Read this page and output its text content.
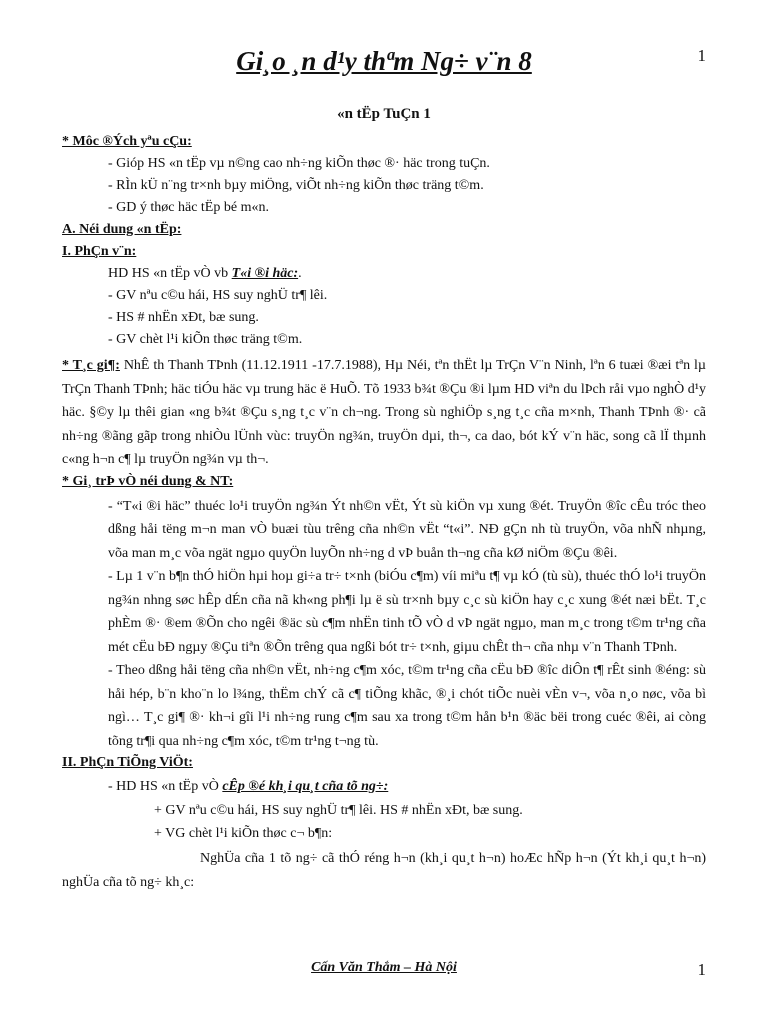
1
Gi¸o ¸n d¹y thªm Ng÷ v¨n 8
«n tËp TuÇn 1
* Môc ®Ých yªu cÇu:
- Gióp HS «n tËp vµ n©ng cao nh÷ng kiÕn thøc ®· häc trong tuÇn.
- RÌn kÜ n¨ng tr×nh bµy miÖng, viÕt nh÷ng kiÕn thøc träng t©m.
- GD ý thøc häc tËp bé m«n.
A. Néi dung «n tËp:
I. PhÇn v¨n:
HD HS «n tËp vÒ vb T«i ®i häc:.
- GV nªu c©u hái, HS suy nghÜ tr¶ lêi.
- HS # nhËn xÐt, bæ sung.
- GV chèt l¹i kiÕn thøc träng t©m.
* T¸c gi¶: NhÊ th Thanh TÞnh (11.12.1911 -17.7.1988), Hµ Néi, tªn thËt lµ TrÇn V¨n Ninh, lªn 6 tuæi ®æi tªn lµ TrÇn Thanh TÞnh; häc tiÓu häc vµ trung häc ë HuÕ. Tõ 1933 b¾t ®Çu ®i lµm HD viªn du lÞch råi vµo nghÒ d¹y häc. §©y lµ thêi gian «ng b¾t ®Çu s¸ng t¸c v¨n ch¬ng. Trong sù nghiÖp s¸ng t¸c cña m×nh, Thanh TÞnh ®· cã nh÷ng ®ãng gãp trong nhiÒu lÜnh vùc: truyÖn ng¾n, truyÖn dµi, th¬, ca dao, bót kÝ v¨n häc, song cã lÏ thµnh c«ng h¬n c¶ lµ truyÖn ng¾n vµ th¬.
* Gi¸ trÞ vÒ néi dung & NT:
- “T«i ®i häc” thuéc lo¹i truyÖn ng¾n Ýt nh©n vËt, Ýt sù kiÖn vµ xung ®ét. TruyÖn ®îc cÊu tróc theo dßng håi tëng m¬n man vÒ buæi tùu trêng cña nh©n vËt “t«i”. NÐ gÇn nh tù truyÖn, võa nhÑ nhµng, võa man m¸c võa ngät ngµo quyÖn luyÕn nh÷ng d vÞ buån th¬ng cña kØ niÖm ®Çu ®êi.
- Lµ 1 v¨n b¶n thÓ hiÖn hµi hoµ gi÷a tr÷ t×nh (biÓu c¶m) víi miªu t¶ vµ kÓ (tù sù), thuéc thÓ lo¹i truyÖn ng¾n nhng søc hÊp dÉn cña nã kh«ng ph¶i lµ ë sù tr×nh bµy c¸c sù kiÖn hay c¸c xung ®ét næi bËt. T¸c phÈm ®· ®em ®Õn cho ngêi ®äc sù c¶m nhËn tinh tÕ vÒ d vÞ ngät ngµo, man m¸c trong t©m tr¹ng cña mét cËu bÐ ngµy ®Çu tiªn ®Õn trêng qua ngßi bót tr÷ t×nh, giµu chÊt th¬ cña nhµ v¨n Thanh TÞnh.
- Theo dßng håi tëng cña nh©n vËt, nh÷ng c¶m xóc, t©m tr¹ng cña cËu bÐ ®îc diÔn t¶ rÊt sinh ®éng: sù håi hép, b¨n kho¨n lo l¾ng, thËm chÝ cã c¶ tiÕng khãc, ®¸i chót tiÕc nuèi vÈn v¬, võa n¸o nøc, võa bì ngì… T¸c gi¶ ®· kh¬i gîi l¹i nh÷ng rung c¶m sau xa trong t©m hån b¹n ®äc bëi trong cuéc ®êi, ai còng tõng tr¶i qua nh÷ng c¶m xóc, t©m tr¹ng t¬ng tù.
II. PhÇn TiÕng ViÖt:
- HD HS «n tËp vÒ cÊp ®é kh¸i qu¸t cña tõ ng÷:
+ GV nªu c©u hái, HS suy nghÜ tr¶ lêi. HS # nhËn xÐt, bæ sung.
+ VG chèt l¹i kiÕn thøc c¬ b¶n:
NghÜa cña 1 tõ ng÷ cã thÓ réng h¬n (kh¸i qu¸t h¬n) hoÆc hÑp h¬n (Ýt kh¸i qu¸t h¬n) nghÜa cña tõ ng÷ kh¸c:
Cấn Văn Thắm – Hà Nội	1
